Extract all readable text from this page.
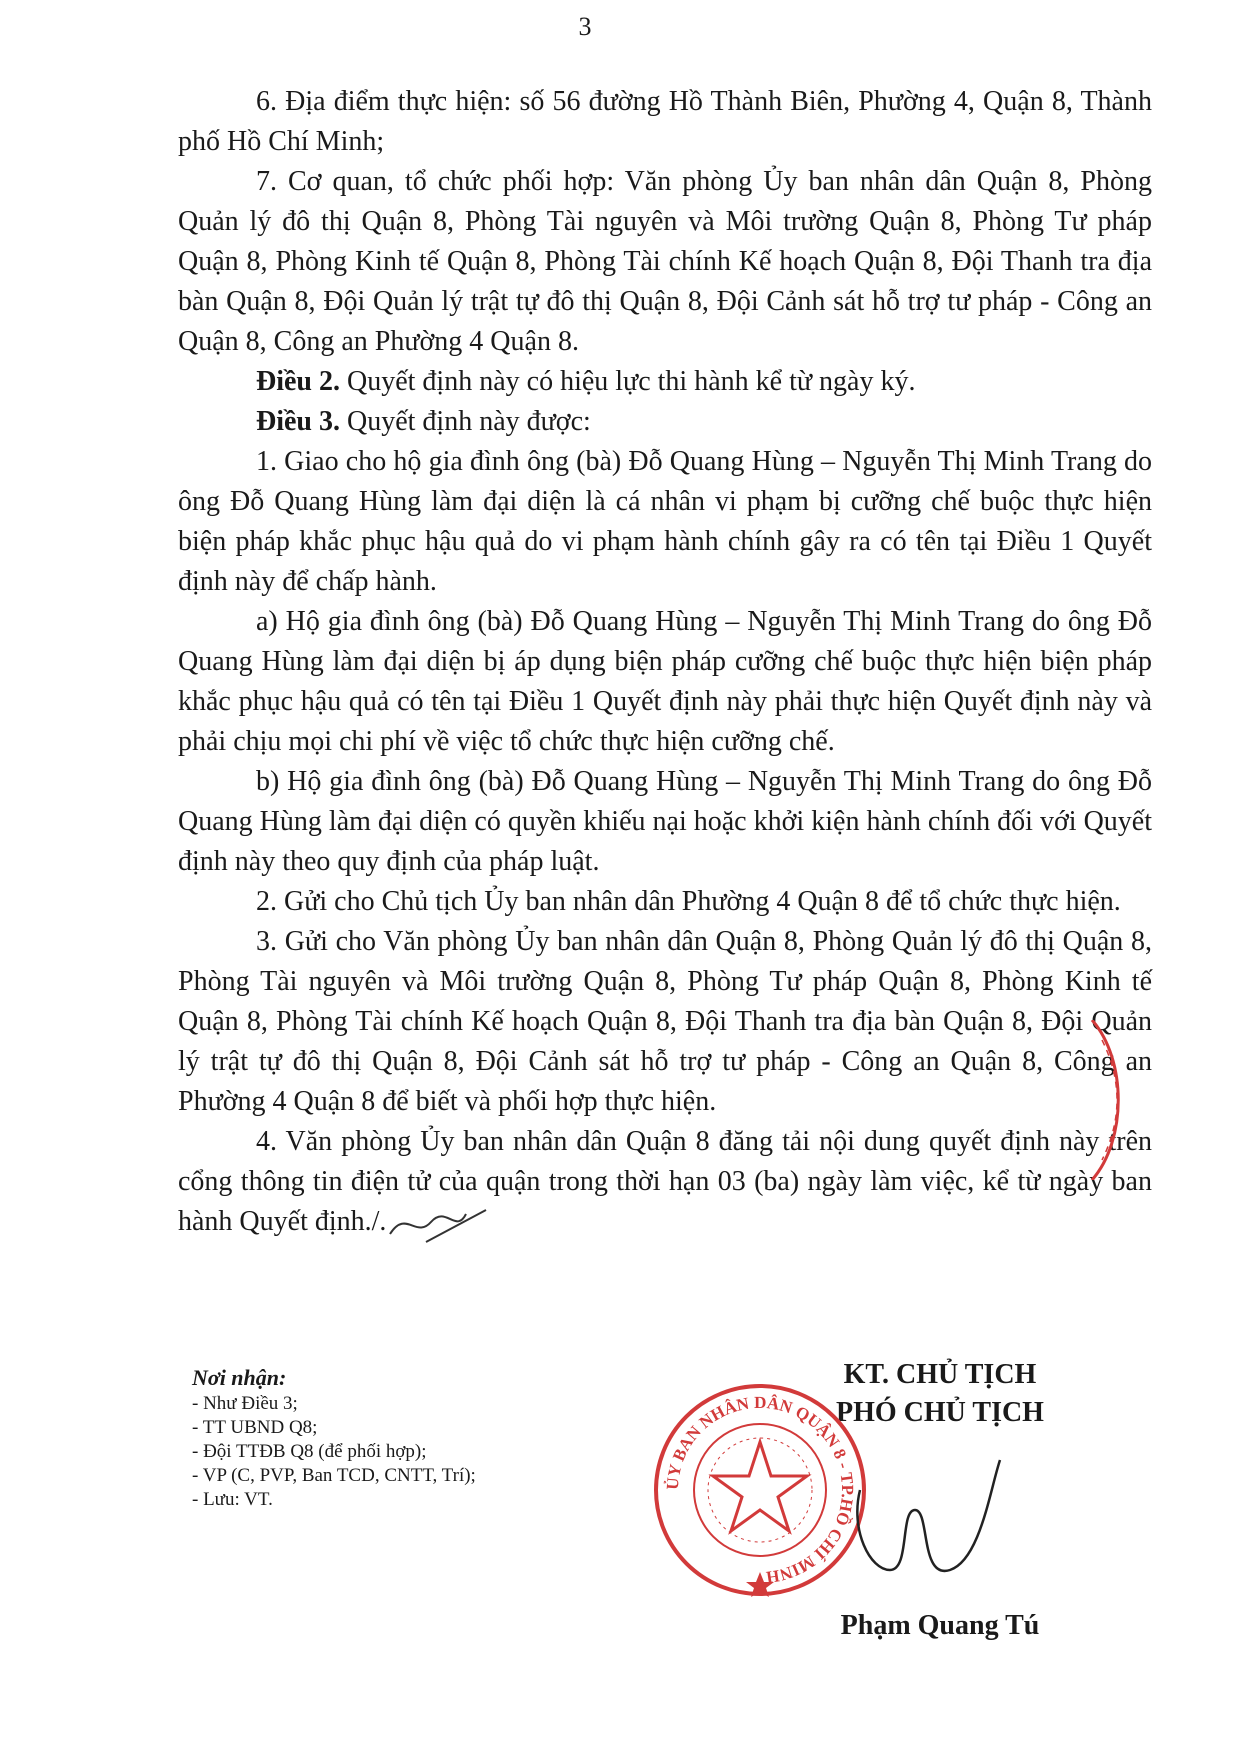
3

6. Địa điểm thực hiện: số 56 đường Hồ Thành Biên, Phường 4, Quận 8, Thành phố Hồ Chí Minh;

7. Cơ quan, tổ chức phối hợp: Văn phòng Ủy ban nhân dân Quận 8, Phòng Quản lý đô thị Quận 8, Phòng Tài nguyên và Môi trường Quận 8, Phòng Tư pháp Quận 8, Phòng Kinh tế Quận 8, Phòng Tài chính Kế hoạch Quận 8, Đội Thanh tra địa bàn Quận 8, Đội Quản lý trật tự đô thị Quận 8, Đội Cảnh sát hỗ trợ tư pháp - Công an Quận 8, Công an Phường 4 Quận 8.

Điều 2. Quyết định này có hiệu lực thi hành kể từ ngày ký.

Điều 3. Quyết định này được:

1. Giao cho hộ gia đình ông (bà) Đỗ Quang Hùng – Nguyễn Thị Minh Trang do ông Đỗ Quang Hùng làm đại diện là cá nhân vi phạm bị cưỡng chế buộc thực hiện biện pháp khắc phục hậu quả do vi phạm hành chính gây ra có tên tại Điều 1 Quyết định này để chấp hành.

a) Hộ gia đình ông (bà) Đỗ Quang Hùng – Nguyễn Thị Minh Trang do ông Đỗ Quang Hùng làm đại diện bị áp dụng biện pháp cưỡng chế buộc thực hiện biện pháp khắc phục hậu quả có tên tại Điều 1 Quyết định này phải thực hiện Quyết định này và phải chịu mọi chi phí về việc tổ chức thực hiện cưỡng chế.

b) Hộ gia đình ông (bà) Đỗ Quang Hùng – Nguyễn Thị Minh Trang do ông Đỗ Quang Hùng làm đại diện có quyền khiếu nại hoặc khởi kiện hành chính đối với Quyết định này theo quy định của pháp luật.

2. Gửi cho Chủ tịch Ủy ban nhân dân Phường 4 Quận 8 để tổ chức thực hiện.

3. Gửi cho Văn phòng Ủy ban nhân dân Quận 8, Phòng Quản lý đô thị Quận 8, Phòng Tài nguyên và Môi trường Quận 8, Phòng Tư pháp Quận 8, Phòng Kinh tế Quận 8, Phòng Tài chính Kế hoạch Quận 8, Đội Thanh tra địa bàn Quận 8, Đội Quản lý trật tự đô thị Quận 8, Đội Cảnh sát hỗ trợ tư pháp - Công an Quận 8, Công an Phường 4 Quận 8 để biết và phối hợp thực hiện.

4. Văn phòng Ủy ban nhân dân Quận 8 đăng tải nội dung quyết định này trên cổng thông tin điện tử của quận trong thời hạn 03 (ba) ngày làm việc, kể từ ngày ban hành Quyết định./.

Nơi nhận:
- Như Điều 3;
- TT UBND Q8;
- Đội TTĐB Q8 (để phối hợp);
- VP (C, PVP, Ban TCD, CNTT, Trí);
- Lưu: VT.
KT. CHỦ TỊCH
PHÓ CHỦ TỊCH
ỦY BAN NHÂN DÂN QUẬN 8 - TP.HỒ CHÍ MINH
Phạm Quang Tú
